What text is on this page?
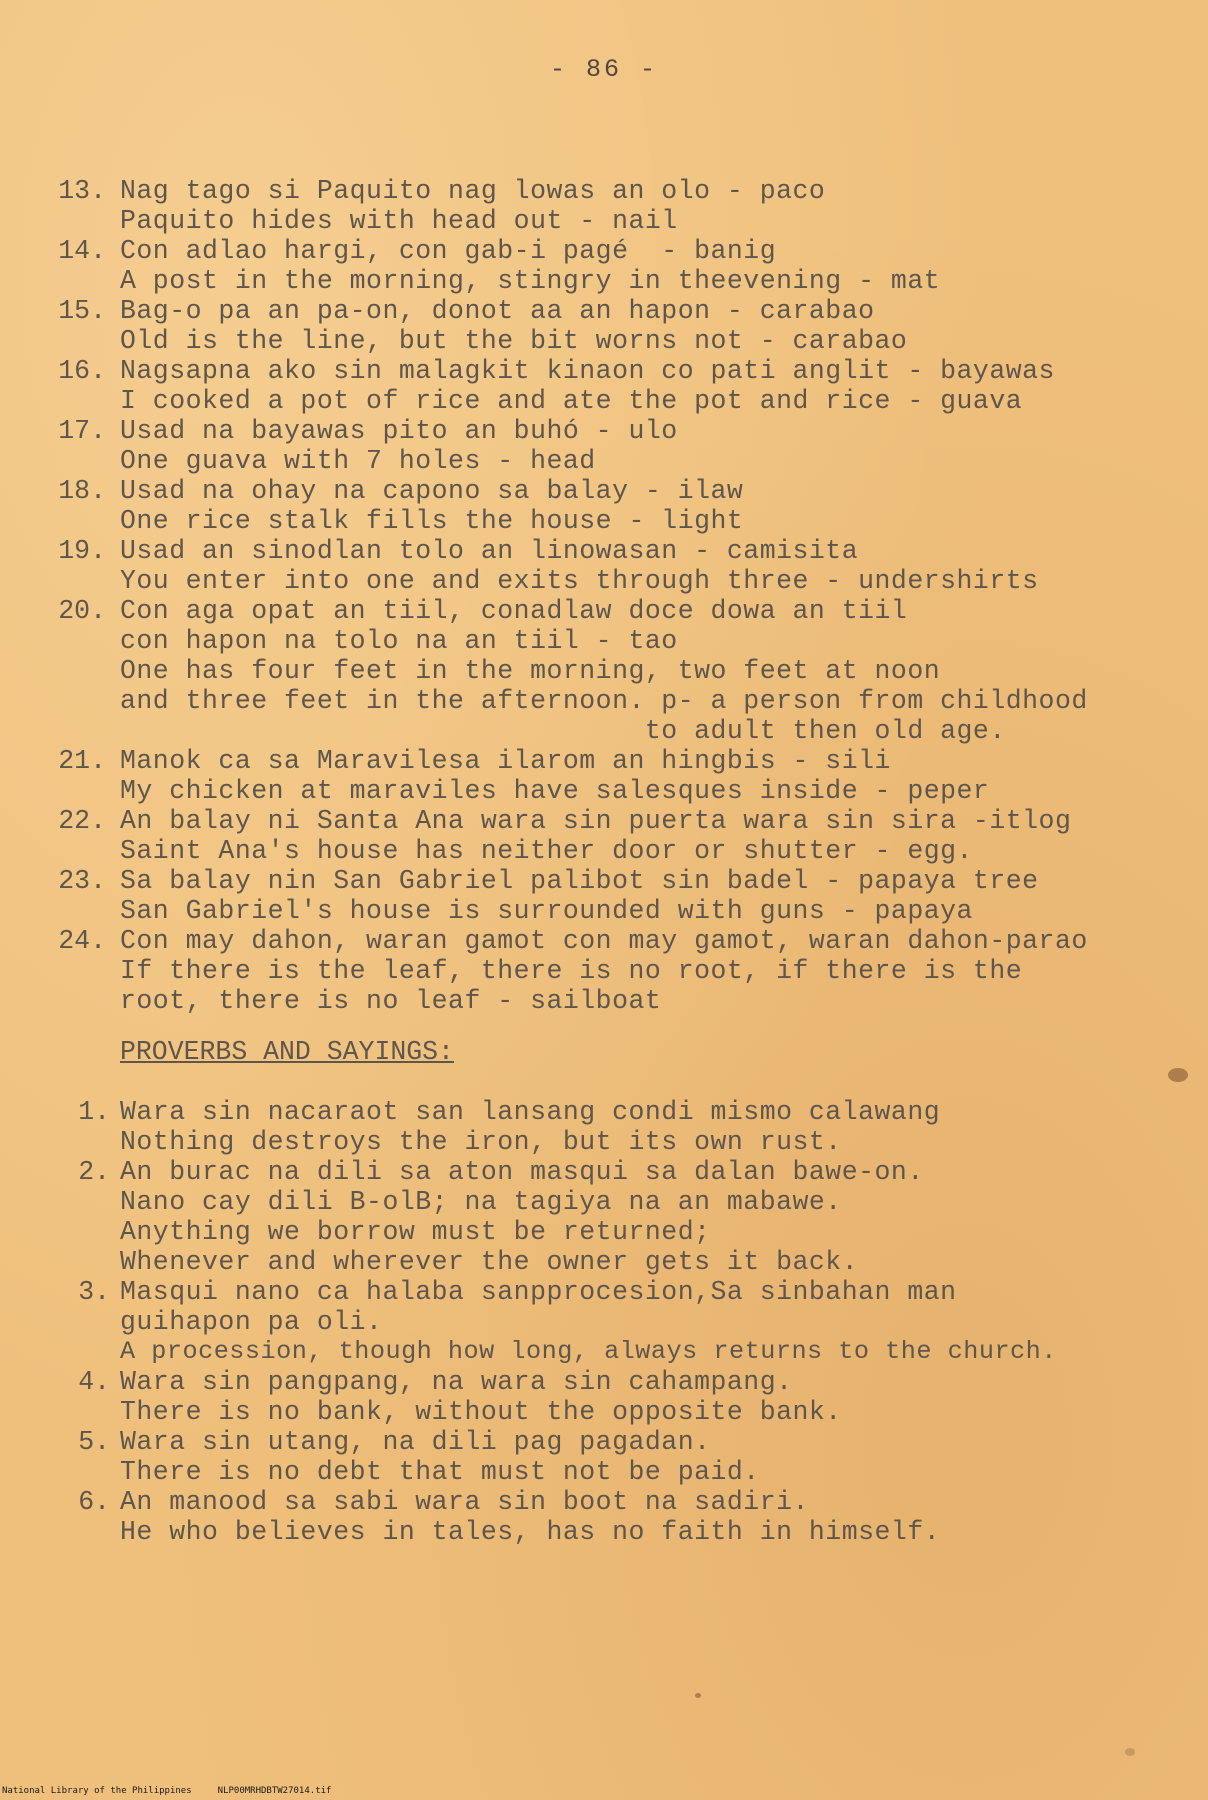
- 86 -
13. Nag tago si Paquito nag lowas an olo - paco
Paquito hides with head out - nail
14. Con adlao hargi, con gab-i pagé  - banig
A post in the morning, stingry in theevening - mat
15. Bag-o pa an pa-on, donot aa an hapon - carabao
Old is the line, but the bit worns not - carabao
16. Nagsapna ako sin malagkit kinaon co pati anglit - bayawas
I cooked a pot of rice and ate the pot and rice - guava
17. Usad na bayawas pito an buhó - ulo
One guava with 7 holes - head
18. Usad na ohay na capono sa balay - ilaw
One rice stalk fills the house - light
19. Usad an sinodlan tolo an linowasan - camisita
You enter into one and exits through three - undershirts
20. Con aga opat an tiil, conadlaw doce dowa an tiil
con hapon na tolo na an tiil - tao
One has four feet in the morning, two feet at noon
and three feet in the afternoon. p- a person from childhood
to adult then old age.
21. Manok ca sa Maravilesa ilarom an hingbis - sili
My chicken at maraviles have salesques inside - peper
22. An balay ni Santa Ana wara sin puerta wara sin sira -itlog
Saint Ana's house has neither door or shutter - egg.
23. Sa balay nin San Gabriel palibot sin badel - papaya tree
San Gabriel's house is surrounded with guns - papaya
24. Con may dahon, waran gamot con may gamot, waran dahon-parao
If there is the leaf, there is no root, if there is the
root, there is no leaf - sailboat
PROVERBS AND SAYINGS:
1. Wara sin nacaraot san lansang condi mismo calawang
Nothing destroys the iron, but its own rust.
2. An burac na dili sa aton masqui sa dalan bawe-on.
Nano cay dili B-olB; na tagiya na an mabawe.
Anything we borrow must be returned;
Whenever and wherever the owner gets it back.
3. Masqui nano ca halaba sanpprocesion,Sa sinbahan man
guihapon pa oli.
A procession, though how long, always returns to the church.
4. Wara sin pangpang, na wara sin cahampang.
There is no bank, without the opposite bank.
5. Wara sin utang, na dili pag pagadan.
There is no debt that must not be paid.
6. An manood sa sabi wara sin boot na sadiri.
He who believes in tales, has no faith in himself.
National Library of the Philippines	NLP00MRHDBTW27014.tif
